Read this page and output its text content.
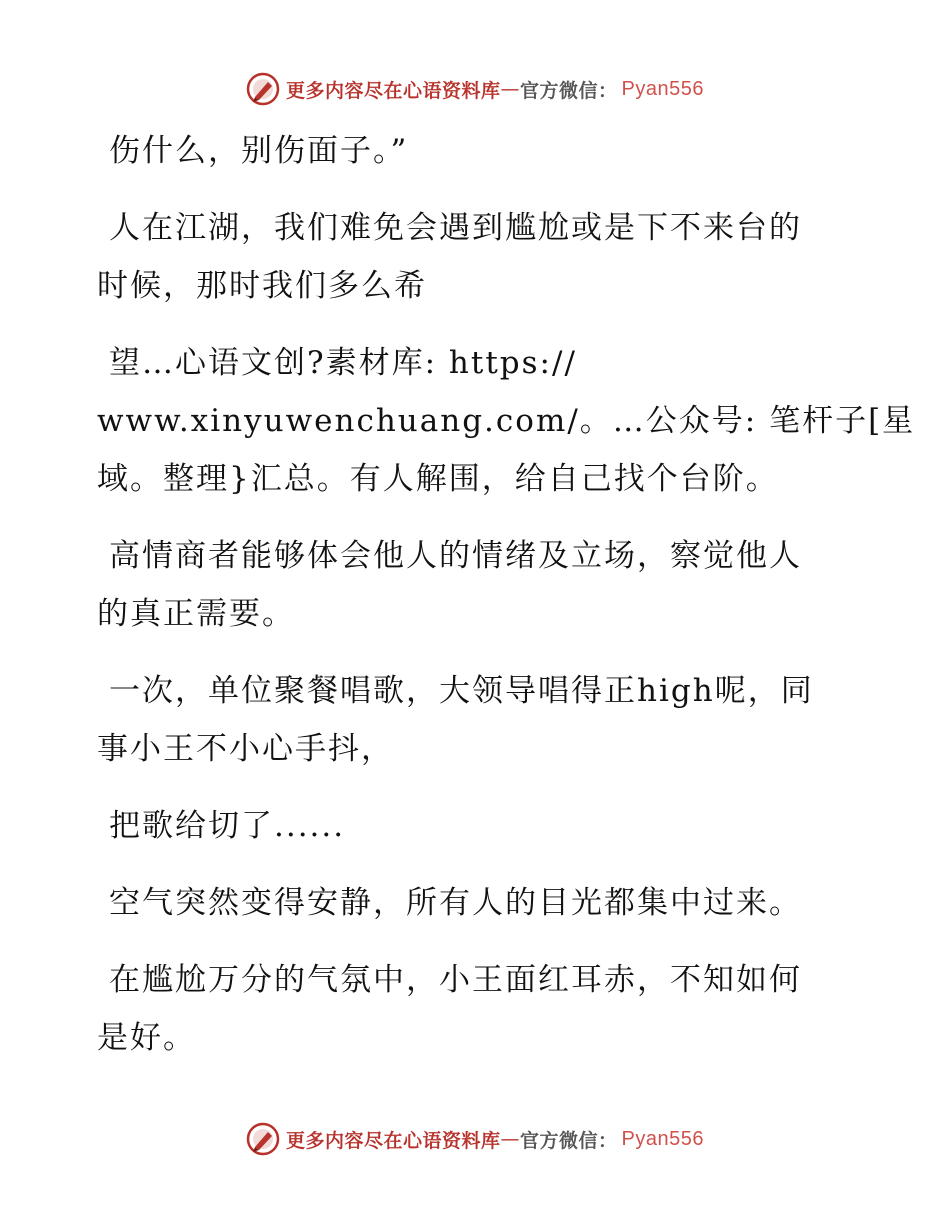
更多内容尽在心语资料库 — 官方微信： Pyan556

伤什么，别伤面子。”

人在江湖，我们难免会遇到尴尬或是下不来台的
时候，那时我们多么希

望…心语文创?素材库: https://
www.xinyuwenchuang.com/。…公众号: 笔杆子[星
域。整理}汇总。有人解围，给自己找个台阶。

高情商者能够体会他人的情绪及立场，察觉他人
的真正需要。

一次，单位聚餐唱歌，大领导唱得正high呢，同
事小王不小心手抖，

把歌给切了......

空气突然变得安静，所有人的目光都集中过来。

在尴尬万分的气氛中，小王面红耳赤，不知如何
是好。

更多内容尽在心语资料库 — 官方微信： Pyan556
